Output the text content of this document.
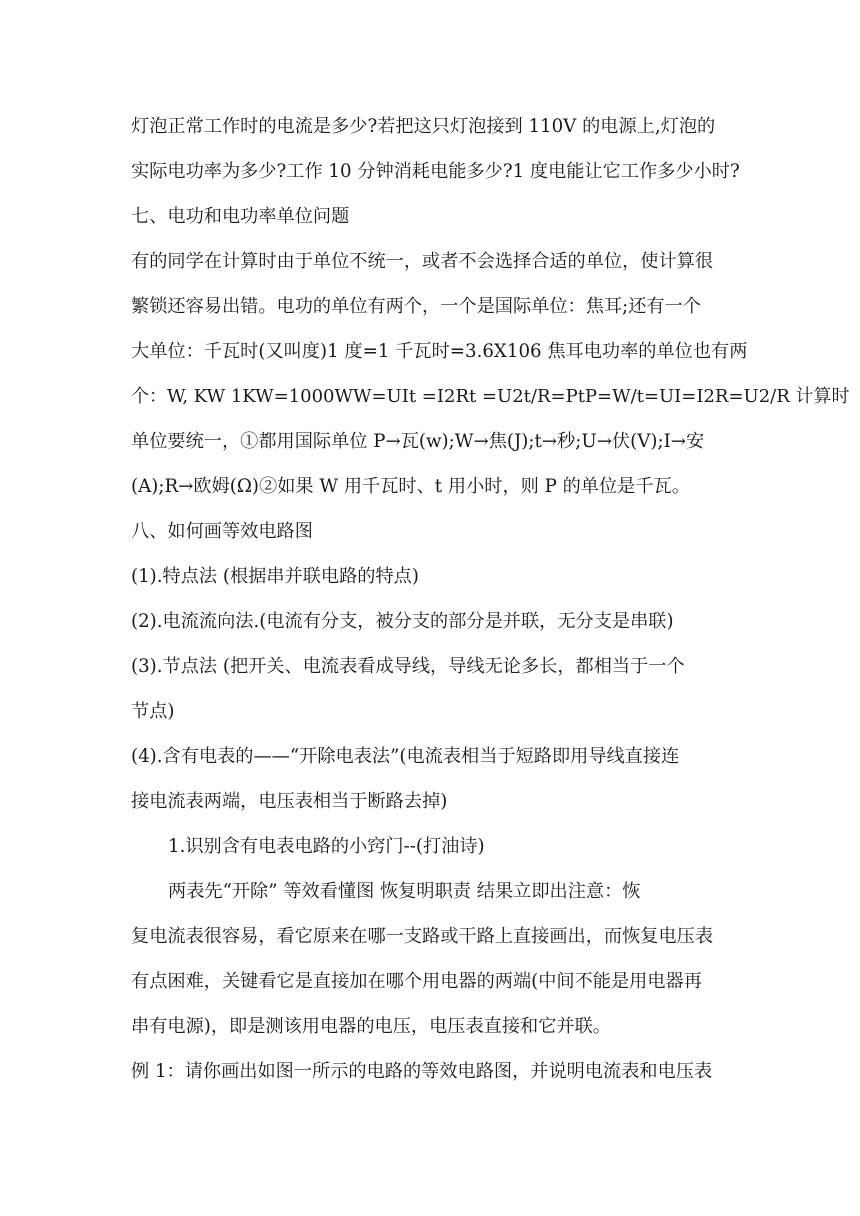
灯泡正常工作时的电流是多少?若把这只灯泡接到 110V 的电源上,灯泡的
实际电功率为多少?工作 10 分钟消耗电能多少?1 度电能让它工作多少小时?
七、电功和电功率单位问题
有的同学在计算时由于单位不统一，或者不会选择合适的单位，使计算很
繁锁还容易出错。电功的单位有两个，一个是国际单位：焦耳;还有一个
大单位：千瓦时(又叫度)1 度=1 千瓦时=3.6X106 焦耳电功率的单位也有两
个：W, KW 1KW=1000WW=UIt =I2Rt =U2t/R=PtP=W/t=UI=I2R=U2/R 计算时
单位要统一，①都用国际单位 P→瓦(w);W→焦(J);t→秒;U→伏(V);I→安
(A);R→欧姆(Ω)②如果 W 用千瓦时、t 用小时，则 P 的单位是千瓦。
八、如何画等效电路图
(1).特点法 (根据串并联电路的特点)
(2).电流流向法.(电流有分支，被分支的部分是并联，无分支是串联)
(3).节点法 (把开关、电流表看成导线，导线无论多长，都相当于一个
节点)
(4).含有电表的——“开除电表法”(电流表相当于短路即用导线直接连
接电流表两端，电压表相当于断路去掉)
1.识别含有电表电路的小窍门--(打油诗)
两表先“开除” 等效看懂图 恢复明职责 结果立即出注意：恢
复电流表很容易，看它原来在哪一支路或干路上直接画出，而恢复电压表
有点困难，关键看它是直接加在哪个用电器的两端(中间不能是用电器再
串有电源)，即是测该用电器的电压，电压表直接和它并联。
例 1：请你画出如图一所示的电路的等效电路图，并说明电流表和电压表
